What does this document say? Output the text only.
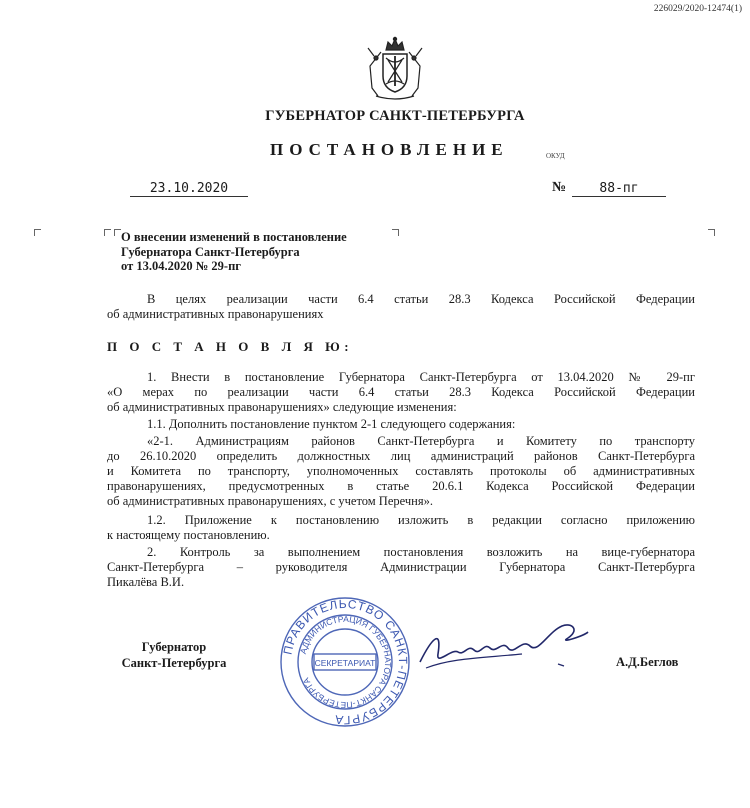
226029/2020-12474(1)
ГУБЕРНАТОР САНКТ-ПЕТЕРБУРГА
ПОСТАНОВЛЕНИЕ	ОКУД
23.10.2020	№	88-пг
О внесении изменений в постановление
Губернатора Санкт-Петербурга
от 13.04.2020 № 29-пг
В целях реализации части 6.4 статьи 28.3 Кодекса Российской Федерации
об административных правонарушениях
П О С Т А Н О В Л Я Ю:
1. Внести в постановление Губернатора Санкт-Петербурга от 13.04.2020 № 29-пг
«О мерах по реализации части 6.4 статьи 28.3 Кодекса Российской Федерации
об административных правонарушениях» следующие изменения:
1.1. Дополнить постановление пунктом 2-1 следующего содержания:
«2-1. Администрациям районов Санкт-Петербурга и Комитету по транспорту
до 26.10.2020 определить должностных лиц администраций районов Санкт-Петербурга
и Комитета по транспорту, уполномоченных составлять протоколы об административных
правонарушениях, предусмотренных в статье 20.6.1 Кодекса Российской Федерации
об административных правонарушениях, с учетом Перечня».
1.2. Приложение к постановлению изложить в редакции согласно приложению
к настоящему постановлению.
2. Контроль за выполнением постановления возложить на вице-губернатора
Санкт-Петербурга – руководителя Администрации Губернатора Санкт-Петербурга
Пикалёва В.И.
Губернатор
Санкт-Петербурга
ПРАВИТЕЛЬСТВО САНКТ-ПЕТЕРБУРГА
АДМИНИСТРАЦИЯ ГУБЕРНАТОРА САНКТ-ПЕТЕРБУРГА
СЕКРЕТАРИАТ	А.Д.Беглов
